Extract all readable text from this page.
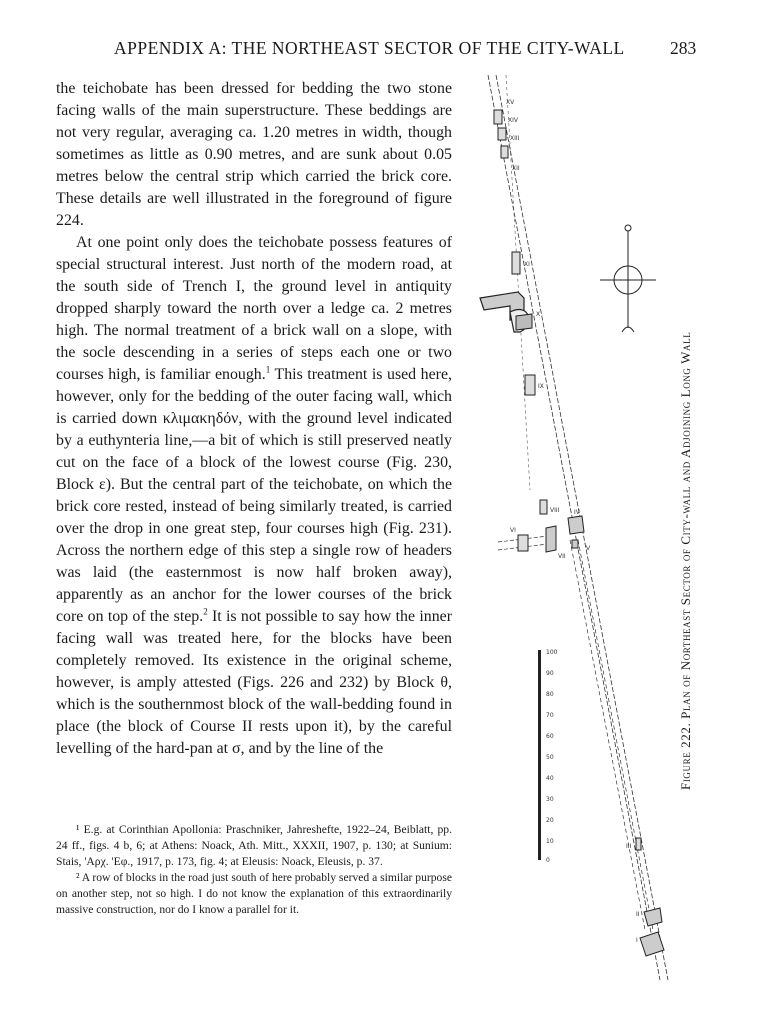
APPENDIX A: THE NORTHEAST SECTOR OF THE CITY-WALL	283

the teichobate has been dressed for bedding the two stone facing walls of the main superstructure. These beddings are not very regular, averaging ca. 1.20 metres in width, though sometimes as little as 0.90 metres, and are sunk about 0.05 metres below the central strip which carried the brick core. These details are well illustrated in the foreground of figure 224.

At one point only does the teichobate possess features of special structural interest. Just north of the modern road, at the south side of Trench I, the ground level in antiquity dropped sharply toward the north over a ledge ca. 2 metres high. The normal treatment of a brick wall on a slope, with the socle descending in a series of steps each one or two courses high, is familiar enough.$^1$ This treatment is used here, however, only for the bedding of the outer facing wall, which is carried down κλιμακηδόν, with the ground level indicated by a euthynteria line,—a bit of which is still preserved neatly cut on the face of a block of the lowest course (Fig. 230, Block ε). But the central part of the teichobate, on which the brick core rested, instead of being similarly treated, is carried over the drop in one great step, four courses high (Fig. 231). Across the northern edge of this step a single row of headers was laid (the easternmost is now half broken away), apparently as an anchor for the lower courses of the brick core on top of the step.$^2$ It is not possible to say how the inner facing wall was treated here, for the blocks have been completely removed. Its existence in the original scheme, however, is amply attested (Figs. 226 and 232) by Block θ, which is the southernmost block of the wall-bedding found in place (the block of Course II rests upon it), by the careful levelling of the hard-pan at σ, and by the line of the

¹ E.g. at Corinthian Apollonia: Praschniker, Jahreshefte, 1922–24, Beiblatt, pp. 24 ff., figs. 4 b, 6; at Athens: Noack, Ath. Mitt., XXXII, 1907, p. 130; at Sunium: Stais, 'Αρχ. 'Εφ., 1917, p. 173, fig. 4; at Eleusis: Noack, Eleusis, p. 37.

² A row of blocks in the road just south of here probably served a similar purpose on another step, not so high. I do not know the explanation of this extraordinarily massive construction, nor do I know a parallel for it.

XV
XIV
XIII
XII
XI
X
IX
VIII
VII
VI
V
IV
III
II
I
100
90
80
70
60
50
40
30
20
10
0
Figure 222. Plan of Northeast Sector of City-wall and Adjoining Long Wall
